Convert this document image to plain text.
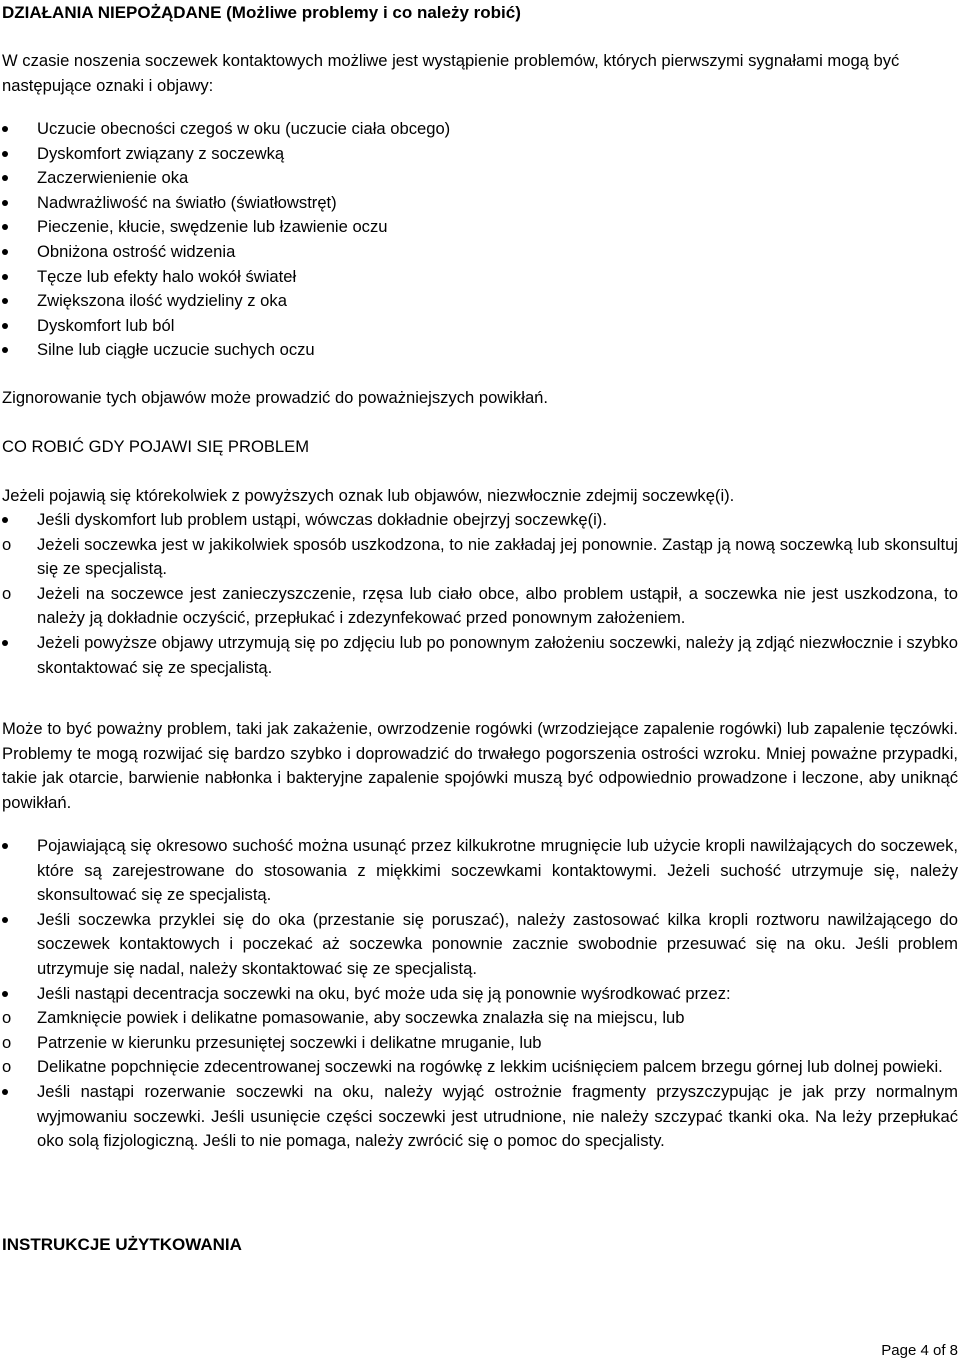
DZIAŁANIA NIEPOŻĄDANE (Możliwe problemy i co należy robić)

W czasie noszenia soczewek kontaktowych możliwe jest wystąpienie problemów, których pierwszymi sygnałami mogą być następujące oznaki i objawy:

Uczucie obecności czegoś w oku (uczucie ciała obcego)
Dyskomfort związany z soczewką
Zaczerwienienie oka
Nadwrażliwość na światło (światłowstręt)
Pieczenie, kłucie, swędzenie lub łzawienie oczu
Obniżona ostrość widzenia
Tęcze lub efekty halo wokół świateł
Zwiększona ilość wydzieliny z oka
Dyskomfort lub ból
Silne lub ciągłe uczucie suchych oczu

Zignorowanie tych objawów może prowadzić do poważniejszych powikłań.

CO ROBIĆ GDY POJAWI SIĘ PROBLEM

Jeżeli pojawią się którekolwiek z powyższych oznak lub objawów, niezwłocznie zdejmij soczewkę(i).

Jeśli dyskomfort lub problem ustąpi, wówczas dokładnie obejrzyj soczewkę(i).
o Jeżeli soczewka jest w jakikolwiek sposób uszkodzona, to nie zakładaj jej ponownie. Zastąp ją nową soczewką lub skonsultuj się ze specjalistą.
o Jeżeli na soczewce jest zanieczyszczenie, rzęsa lub ciało obce, albo problem ustąpił, a soczewka nie jest uszkodzona, to należy ją dokładnie oczyścić, przepłukać i zdezynfekować przed ponownym założeniem.
Jeżeli powyższe objawy utrzymują się po zdjęciu lub po ponownym założeniu soczewki, należy ją zdjąć niezwłocznie i szybko skontaktować się ze specjalistą.

Może to być poważny problem, taki jak zakażenie, owrzodzenie rogówki (wrzodziejące zapalenie rogówki) lub zapalenie tęczówki. Problemy te mogą rozwijać się bardzo szybko i doprowadzić do trwałego pogorszenia ostrości wzroku. Mniej poważne przypadki, takie jak otarcie, barwienie nabłonka i bakteryjne zapalenie spojówki muszą być odpowiednio prowadzone i leczone, aby uniknąć powikłań.

Pojawiającą się okresowo suchość można usunąć przez kilkukrotne mrugnięcie lub użycie kropli nawilżających do soczewek, które są zarejestrowane do stosowania z miękkimi soczewkami kontaktowymi. Jeżeli suchość utrzymuje się, należy skonsultować się ze specjalistą.
Jeśli soczewka przyklei się do oka (przestanie się poruszać), należy zastosować kilka kropli roztworu nawilżającego do soczewek kontaktowych i poczekać aż soczewka ponownie zacznie swobodnie przesuwać się na oku. Jeśli problem utrzymuje się nadal, należy skontaktować się ze specjalistą.
Jeśli nastąpi decentracja soczewki na oku, być może uda się ją ponownie wyśrodkować przez:
o Zamknięcie powiek i delikatne pomasowanie, aby soczewka znalazła się na miejscu, lub
o Patrzenie w kierunku przesuniętej soczewki i delikatne mruganie, lub
o Delikatne popchnięcie zdecentrowanej soczewki na rogówkę z lekkim uciśnięciem palcem brzegu górnej lub dolnej powieki.
Jeśli nastąpi rozerwanie soczewki na oku, należy wyjąć ostrożnie fragmenty przyszczypując je jak przy normalnym wyjmowaniu soczewki. Jeśli usunięcie części soczewki jest utrudnione, nie należy szczypać tkanki oka. Na leży przepłukać oko solą fizjologiczną. Jeśli to nie pomaga, należy zwrócić się o pomoc do specjalisty.
INSTRUKCJE UŻYTKOWANIA
Page 4 of 8
